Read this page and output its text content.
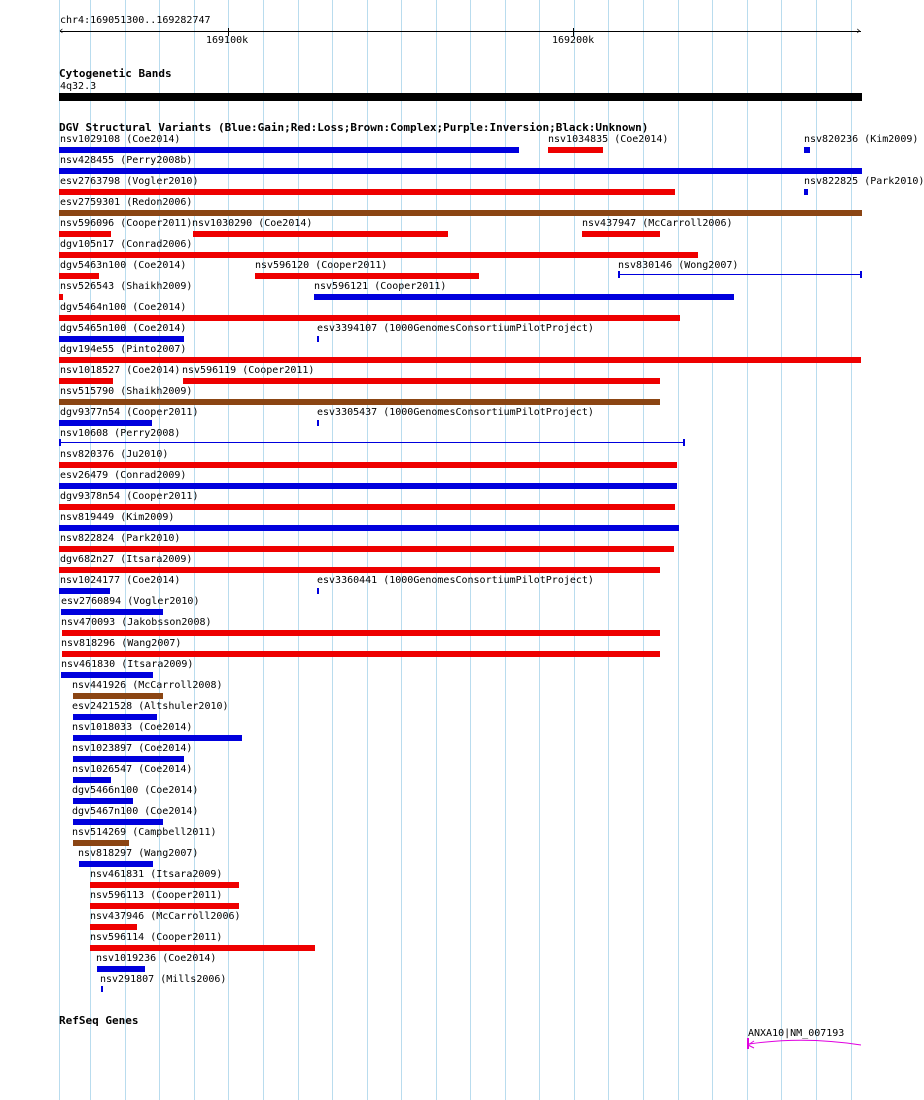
chr4:169051300..169282747
‹	›
169100k	169200k
Cytogenetic Bands
4q32.3
DGV Structural Variants (Blue:Gain;Red:Loss;Brown:Complex;Purple:Inversion;Black:Unknown)
nsv1029108 (Coe2014)	nsv1034835 (Coe2014)	nsv820236 (Kim2009)
nsv428455 (Perry2008b)
esv2763798 (Vogler2010)	nsv822825 (Park2010)
esv2759301 (Redon2006)
nsv596096 (Cooper2011) nsv1030290 (Coe2014)	nsv437947 (McCarroll2006)
dgv105n17 (Conrad2006)
dgv5463n100 (Coe2014)	nsv596120 (Cooper2011)	nsv830146 (Wong2007)
nsv526543 (Shaikh2009)	nsv596121 (Cooper2011)
dgv5464n100 (Coe2014)
dgv5465n100 (Coe2014)	esv3394107 (1000GenomesConsortiumPilotProject)
dgv194e55 (Pinto2007)
nsv1018527 (Coe2014) nsv596119 (Cooper2011)
nsv515790 (Shaikh2009)
dgv9377n54 (Cooper2011)	esv3305437 (1000GenomesConsortiumPilotProject)
nsv10608 (Perry2008)
nsv820376 (Ju2010)
esv26479 (Conrad2009)
dgv9378n54 (Cooper2011)
nsv819449 (Kim2009)
nsv822824 (Park2010)
dgv682n27 (Itsara2009)
nsv1024177 (Coe2014)	esv3360441 (1000GenomesConsortiumPilotProject)
esv2760894 (Vogler2010)
nsv470093 (Jakobsson2008)
nsv818296 (Wang2007)
nsv461830 (Itsara2009)
nsv441926 (McCarroll2008)
esv2421528 (Altshuler2010)
nsv1018033 (Coe2014)
nsv1023897 (Coe2014)
nsv1026547 (Coe2014)
dgv5466n100 (Coe2014)
dgv5467n100 (Coe2014)
nsv514269 (Campbell2011)
nsv818297 (Wang2007)
nsv461831 (Itsara2009)
nsv596113 (Cooper2011)
nsv437946 (McCarroll2006)
nsv596114 (Cooper2011)
nsv1019236 (Coe2014)
nsv291807 (Mills2006)
RefSeq Genes
ANXA10|NM_007193
